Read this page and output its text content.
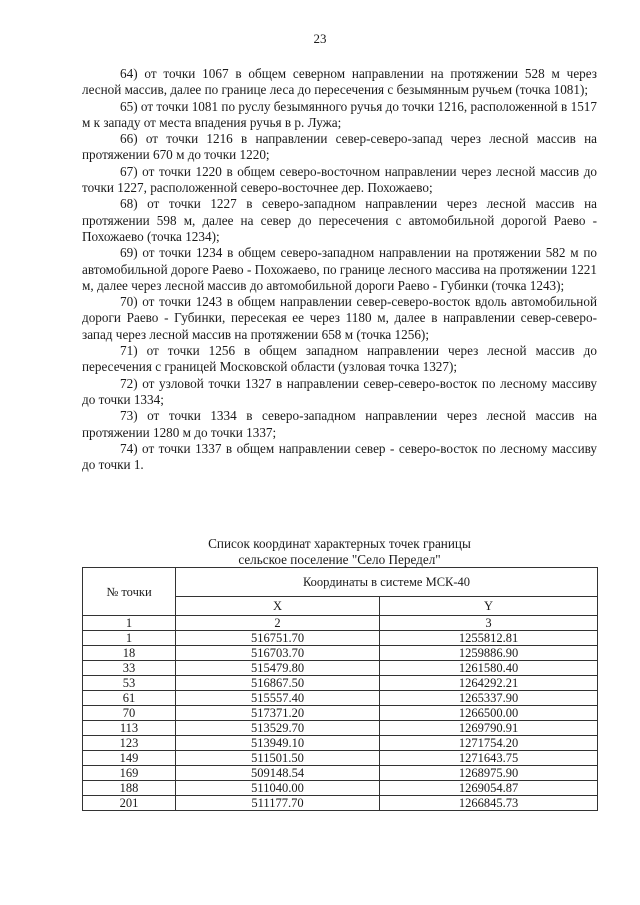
23

64) от точки 1067 в общем северном направлении на протяжении 528 м через лесной массив, далее по границе леса до пересечения с безымянным ручьем (точка 1081);

65) от точки 1081 по руслу безымянного ручья до точки 1216, расположенной в 1517 м к западу от места впадения ручья в р. Лужа;

66) от точки 1216 в направлении север-северо-запад через лесной массив на протяжении 670 м до точки 1220;

67) от точки 1220 в общем северо-восточном направлении через лесной массив до точки 1227, расположенной северо-восточнее дер. Похожаево;

68) от точки 1227 в северо-западном направлении через лесной массив на протяжении 598 м, далее на север до пересечения с автомобильной дорогой Раево - Похожаево (точка 1234);

69) от точки 1234 в общем северо-западном направлении на протяжении 582 м по автомобильной дороге Раево - Похожаево, по границе лесного массива на протяжении 1221 м, далее через лесной массив до автомобильной дороги Раево - Губинки (точка 1243);

70) от точки 1243 в общем направлении север-северо-восток вдоль автомобильной дороги Раево - Губинки, пересекая ее через 1180 м, далее в направлении север-северо-запад через лесной массив на протяжении 658 м (точка 1256);

71) от точки 1256 в общем западном направлении через лесной массив до пересечения с границей Московской области (узловая точка 1327);

72) от узловой точки 1327 в направлении север-северо-восток по лесному массиву до точки 1334;

73) от точки 1334 в северо-западном направлении через лесной массив на протяжении 1280 м до точки 1337;

74) от точки 1337 в общем направлении север - северо-восток по лесному массиву до точки 1.

Список координат характерных точек границы
сельское поселение "Село Передел"
№ точки	Координаты в системе МСК-40	
	X	Y
1	2	3
1	516751.70	1255812.81
18	516703.70	1259886.90
33	515479.80	1261580.40
53	516867.50	1264292.21
61	515557.40	1265337.90
70	517371.20	1266500.00
113	513529.70	1269790.91
123	513949.10	1271754.20
149	511501.50	1271643.75
169	509148.54	1268975.90
188	511040.00	1269054.87
201	511177.70	1266845.73
